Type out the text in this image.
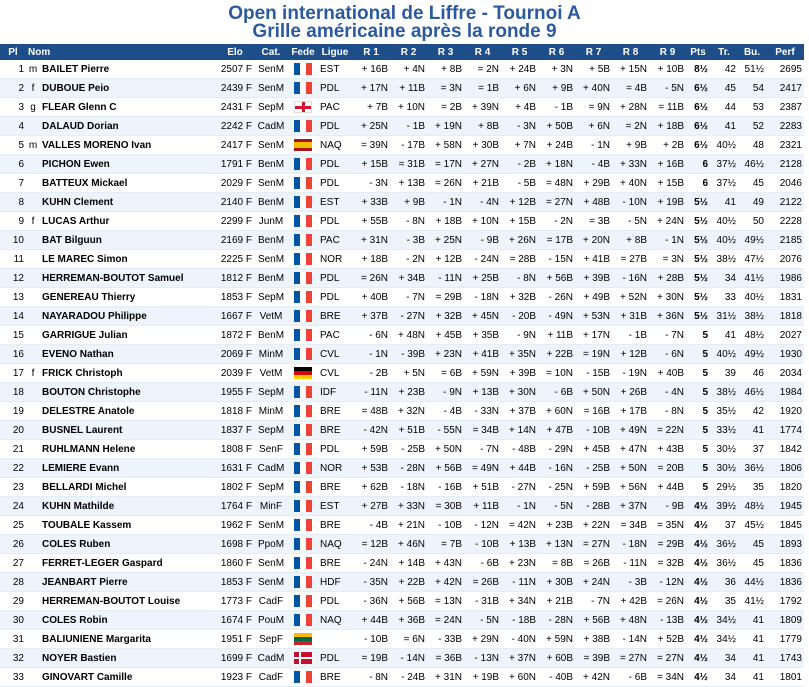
Open international de Liffre - Tournoi A
Grille américaine après la ronde 9
Pl	Nom		Elo	Cat.	Fede	Ligue	R 1	R 2	R 3	R 4	R 5	R 6	R 7	R 8	R 9	Pts	Tr.	Bu.	Perf
1	m	BAILET Pierre	2507 F	SenM		EST	+ 16B	+ 4N	+ 8B	= 2N	+ 24B	+ 3N	+ 5B	+ 15N	+ 10B	8½	42	51½	2695
2	f	DUBOUE Peio	2439 F	SenM		PDL	+ 17N	+ 11B	= 3N	= 1B	+ 6N	+ 9B	+ 40N	= 4B	- 5N	6½	45	54	2417
3	g	FLEAR Glenn C	2431 F	SepM		PAC	+ 7B	+ 10N	= 2B	+ 39N	+ 4B	- 1B	= 9N	+ 28N	= 11B	6½	44	53	2387
4		DALAUD Dorian	2242 F	CadM		PDL	+ 25N	- 1B	+ 19N	+ 8B	- 3N	+ 50B	+ 6N	= 2N	+ 18B	6½	41	52	2283
5	m	VALLES MORENO Ivan	2417 F	SenM		NAQ	= 39N	- 17B	+ 58N	+ 30B	+ 7N	+ 24B	- 1N	+ 9B	+ 2B	6½	40½	48	2321
6		PICHON Ewen	1791 F	BenM		PDL	+ 15B	= 31B	= 17N	+ 27N	- 2B	+ 18N	- 4B	+ 33N	+ 16B	6	37½	46½	2128
7		BATTEUX Mickael	2029 F	SenM		PDL	- 3N	+ 13B	= 26N	+ 21B	- 5B	= 48N	+ 29B	+ 40N	+ 15B	6	37½	45	2046
8		KUHN Clement	2140 F	BenM		EST	+ 33B	+ 9B	- 1N	- 4N	+ 12B	= 27N	+ 48B	- 10N	+ 19B	5½	41	49	2122
9	f	LUCAS Arthur	2299 F	JunM		PDL	+ 55B	- 8N	+ 18B	+ 10N	+ 15B	- 2N	= 3B	- 5N	+ 24N	5½	40½	50	2228
10		BAT Bilguun	2169 F	BenM		PAC	+ 31N	- 3B	+ 25N	- 9B	+ 26N	= 17B	+ 20N	+ 8B	- 1N	5½	40½	49½	2185
11		LE MAREC Simon	2225 F	SenM		NOR	+ 18B	- 2N	+ 12B	- 24N	= 28B	- 15N	+ 41B	= 27B	= 3N	5½	38½	47½	2076
12		HERREMAN-BOUTOT Samuel	1812 F	BenM		PDL	= 26N	+ 34B	- 11N	+ 25B	- 8N	+ 56B	+ 39B	- 16N	+ 28B	5½	34	41½	1986
13		GENEREAU Thierry	1853 F	SepM		PDL	+ 40B	- 7N	= 29B	- 18N	+ 32B	- 26N	+ 49B	+ 52N	+ 30N	5½	33	40½	1831
14		NAYARADOU Philippe	1667 F	VetM		BRE	+ 37B	- 27N	+ 32B	+ 45N	- 20B	- 49N	+ 53N	+ 31B	+ 36N	5½	31½	38½	1818
15		GARRIGUE Julian	1872 F	BenM		PAC	- 6N	+ 48N	+ 45B	+ 35B	- 9N	+ 11B	+ 17N	- 1B	- 7N	5	41	48½	2027
16		EVENO Nathan	2069 F	MinM		CVL	- 1N	- 39B	+ 23N	+ 41B	+ 35N	+ 22B	= 19N	+ 12B	- 6N	5	40½	49½	1930
17	f	FRICK Christoph	2039 F	VetM		CVL	- 2B	+ 5N	= 6B	+ 59N	+ 39B	= 10N	- 15B	- 19N	+ 40B	5	39	46	2034
18		BOUTON Christophe	1955 F	SepM		IDF	- 11N	+ 23B	- 9N	+ 13B	+ 30N	- 6B	+ 50N	+ 26B	- 4N	5	38½	46½	1984
19		DELESTRE Anatole	1818 F	MinM		BRE	= 48B	+ 32N	- 4B	- 33N	+ 37B	+ 60N	= 16B	+ 17B	- 8N	5	35½	42	1920
20		BUSNEL Laurent	1837 F	SepM		BRE	- 42N	+ 51B	- 55N	= 34B	+ 14N	+ 47B	- 10B	+ 49N	= 22N	5	33½	41	1774
21		RUHLMANN Helene	1808 F	SenF		PDL	+ 59B	- 25B	+ 50N	- 7N	- 48B	- 29N	+ 45B	+ 47N	+ 43B	5	30½	37	1842
22		LEMIERE Evann	1631 F	CadM		NOR	+ 53B	- 28N	+ 56B	= 49N	+ 44B	- 16N	- 25B	+ 50N	= 20B	5	30½	36½	1806
23		BELLARDI Michel	1802 F	SepM		BRE	+ 62B	- 18N	- 16B	+ 51B	- 27N	- 25N	+ 59B	+ 56N	+ 44B	5	29½	35	1820
24		KUHN Mathilde	1764 F	MinF		EST	+ 27B	+ 33N	= 30B	+ 11B	- 1N	- 5N	- 28B	+ 37N	- 9B	4½	39½	48½	1945
25		TOUBALE Kassem	1962 F	SenM		BRE	- 4B	+ 21N	- 10B	- 12N	= 42N	+ 23B	+ 22N	= 34B	= 35N	4½	37	45½	1845
26		COLES Ruben	1698 F	PpoM		NAQ	= 12B	+ 46N	= 7B	- 10B	+ 13B	+ 13N	= 27N	- 18N	= 29B	4½	36½	45	1893
27		FERRET-LEGER Gaspard	1860 F	SenM		BRE	- 24N	+ 14B	+ 43N	- 6B	+ 23N	= 8B	= 26B	- 11N	= 32B	4½	36½	45	1836
28		JEANBART Pierre	1853 F	SenM		HDF	- 35N	+ 22B	+ 42N	= 26B	- 11N	+ 30B	+ 24N	- 3B	- 12N	4½	36	44½	1836
29		HERREMAN-BOUTOT Louise	1773 F	CadF		PDL	- 36N	+ 56B	= 13N	- 31B	+ 34N	+ 21B	- 7N	+ 42B	= 26N	4½	35	41½	1792
30		COLES Robin	1674 F	PouM		NAQ	+ 44B	+ 36B	= 24N	- 5N	- 18B	- 28N	+ 56B	+ 48N	- 13B	4½	34½	41	1809
31		BALIUNIENE Margarita	1951 F	SepF			- 10B	= 6N	- 33B	+ 29N	- 40N	+ 59N	+ 38B	- 14N	+ 52B	4½	34½	41	1779
32		NOYER Bastien	1699 F	CadM		PDL	= 19B	- 14N	= 36B	- 13N	+ 37N	+ 60B	= 39B	= 27N	= 27N	4½	34	41	1743
33		GINOVART Camille	1923 F	CadF		BRE	- 8N	- 24B	+ 31N	+ 19B	+ 60N	- 40B	+ 42N	- 6B	= 34N	4½	34	41	1801
